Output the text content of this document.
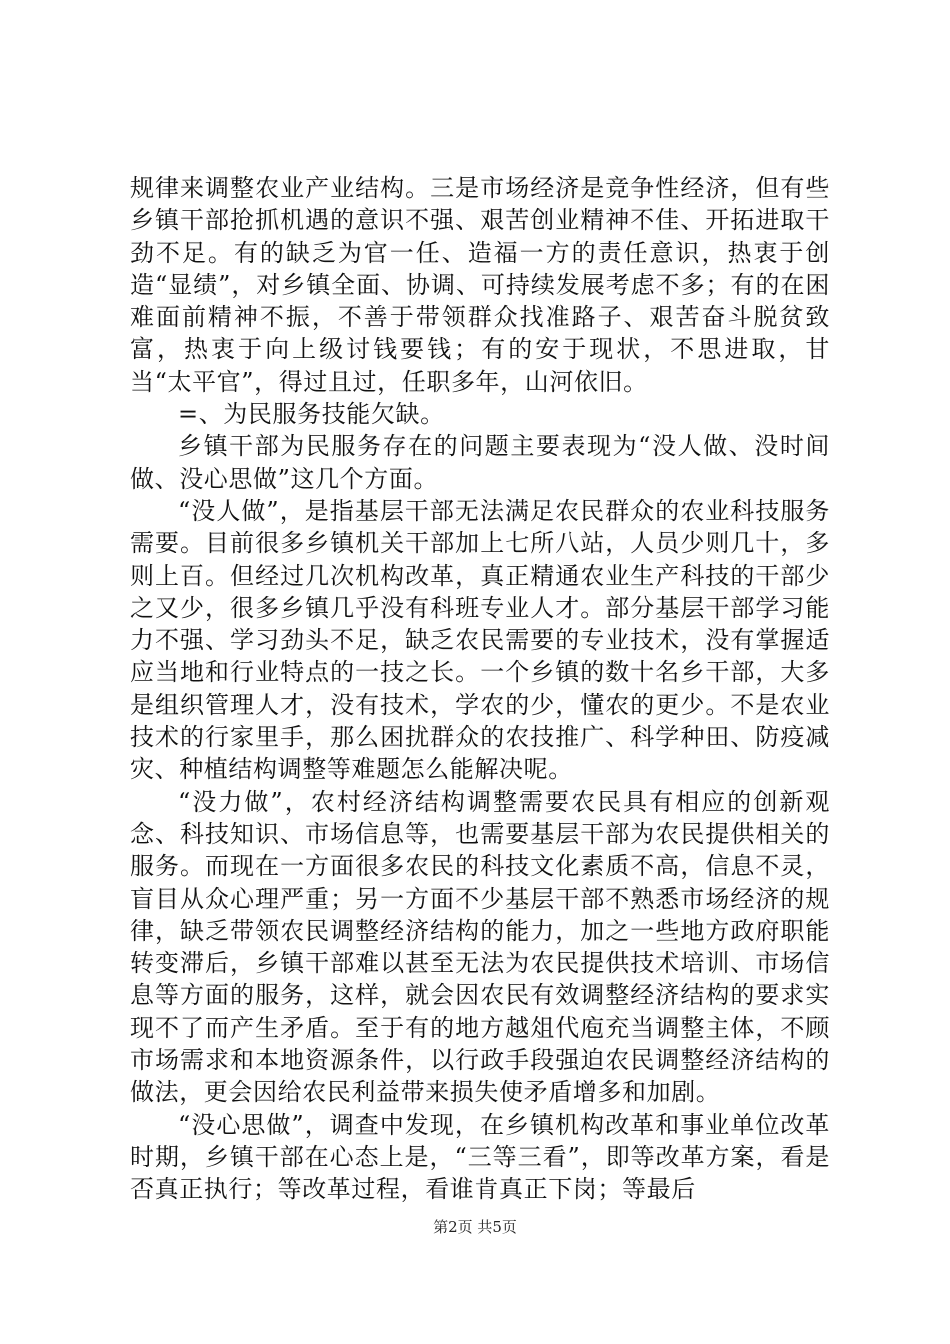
规律来调整农业产业结构。三是市场经济是竞争性经济，但有些乡镇干部抢抓机遇的意识不强、艰苦创业精神不佳、开拓进取干劲不足。有的缺乏为官一任、造福一方的责任意识，热衷于创造“显绩”，对乡镇全面、协调、可持续发展考虑不多；有的在困难面前精神不振，不善于带领群众找准路子、艰苦奋斗脱贫致富，热衷于向上级讨钱要钱；有的安于现状，不思进取，甘当“太平官”，得过且过，任职多年，山河依旧。

=、为民服务技能欠缺。

乡镇干部为民服务存在的问题主要表现为“没人做、没时间做、没心思做”这几个方面。

“没人做”，是指基层干部无法满足农民群众的农业科技服务需要。目前很多乡镇机关干部加上七所八站，人员少则几十，多则上百。但经过几次机构改革，真正精通农业生产科技的干部少之又少，很多乡镇几乎没有科班专业人才。部分基层干部学习能力不强、学习劲头不足，缺乏农民需要的专业技术，没有掌握适应当地和行业特点的一技之长。一个乡镇的数十名乡干部，大多是组织管理人才，没有技术，学农的少，懂农的更少。不是农业技术的行家里手，那么困扰群众的农技推广、科学种田、防疫减灾、种植结构调整等难题怎么能解决呢。

“没力做”，农村经济结构调整需要农民具有相应的创新观念、科技知识、市场信息等，也需要基层干部为农民提供相关的服务。而现在一方面很多农民的科技文化素质不高，信息不灵，盲目从众心理严重；另一方面不少基层干部不熟悉市场经济的规律，缺乏带领农民调整经济结构的能力，加之一些地方政府职能转变滞后，乡镇干部难以甚至无法为农民提供技术培训、市场信息等方面的服务，这样，就会因农民有效调整经济结构的要求实现不了而产生矛盾。至于有的地方越俎代庖充当调整主体，不顾市场需求和本地资源条件，以行政手段强迫农民调整经济结构的做法，更会因给农民利益带来损失使矛盾增多和加剧。

“没心思做”，调查中发现，在乡镇机构改革和事业单位改革时期，乡镇干部在心态上是，“三等三看”，即等改革方案，看是否真正执行；等改革过程，看谁肯真正下岗；等最后

第2页 共5页
